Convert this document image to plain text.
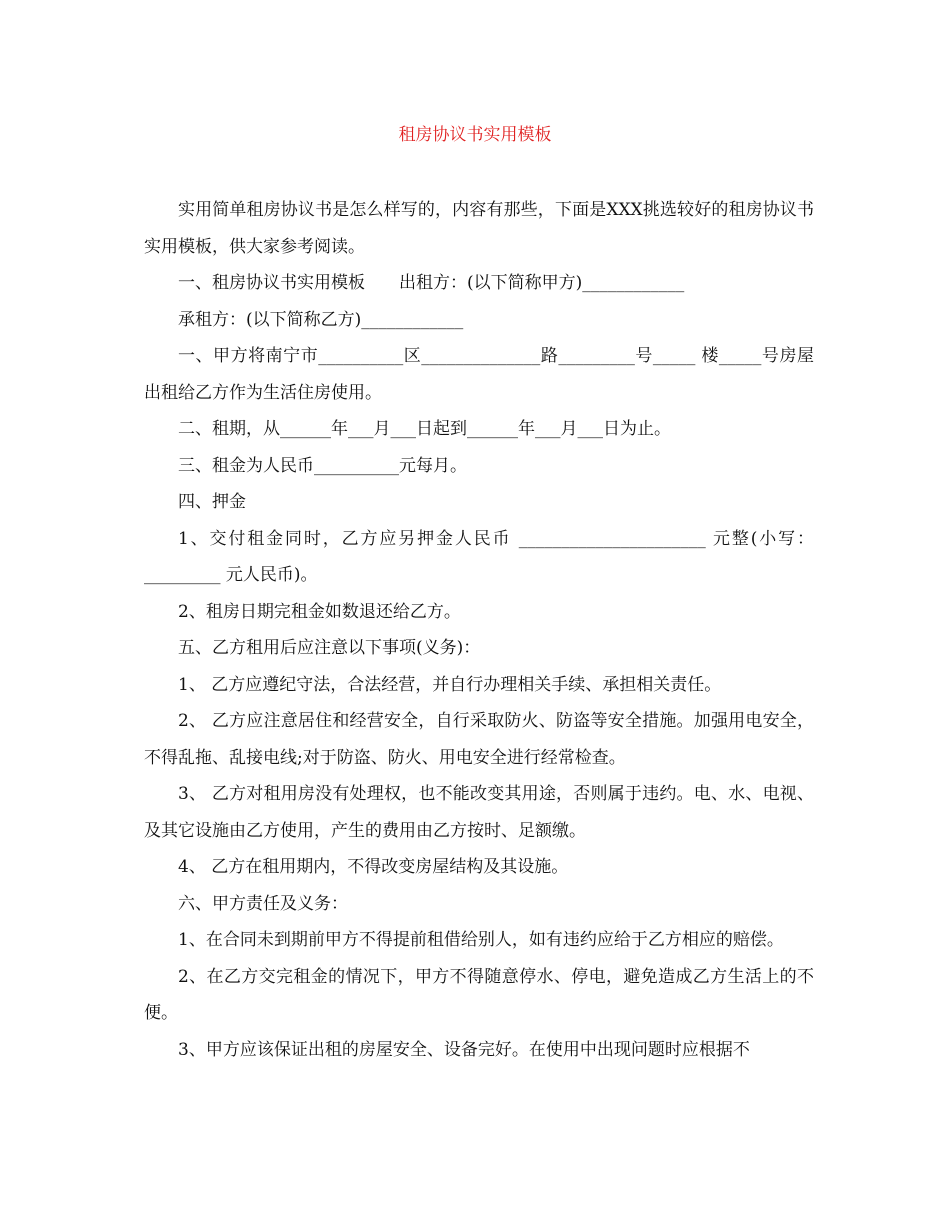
租房协议书实用模板

实用简单租房协议书是怎么样写的，内容有那些，下面是XXX挑选较好的租房协议书实用模板，供大家参考阅读。

一、租房协议书实用模板　　出租方：(以下简称甲方)____________

承租方：(以下简称乙方)____________

一、甲方将南宁市__________区______________路_________号_____ 楼_____号房屋出租给乙方作为生活住房使用。

二、租期，从______年___月___日起到______年___月___日为止。

三、租金为人民币__________元每月。

四、押金

1、交付租金同时，乙方应另押金人民币 ______________________ 元整(小写：_________ 元人民币)。

2、租房日期完租金如数退还给乙方。

五、乙方租用后应注意以下事项(义务)：

1、 乙方应遵纪守法，合法经营，并自行办理相关手续、承担相关责任。

2、 乙方应注意居住和经营安全，自行采取防火、防盗等安全措施。加强用电安全，不得乱拖、乱接电线;对于防盗、防火、用电安全进行经常检查。

3、 乙方对租用房没有处理权，也不能改变其用途，否则属于违约。电、水、电视、及其它设施由乙方使用，产生的费用由乙方按时、足额缴。

4、 乙方在租用期内，不得改变房屋结构及其设施。

六、甲方责任及义务：

1、在合同未到期前甲方不得提前租借给别人，如有违约应给于乙方相应的赔偿。

2、在乙方交完租金的情况下，甲方不得随意停水、停电，避免造成乙方生活上的不便。

3、甲方应该保证出租的房屋安全、设备完好。在使用中出现问题时应根据不
